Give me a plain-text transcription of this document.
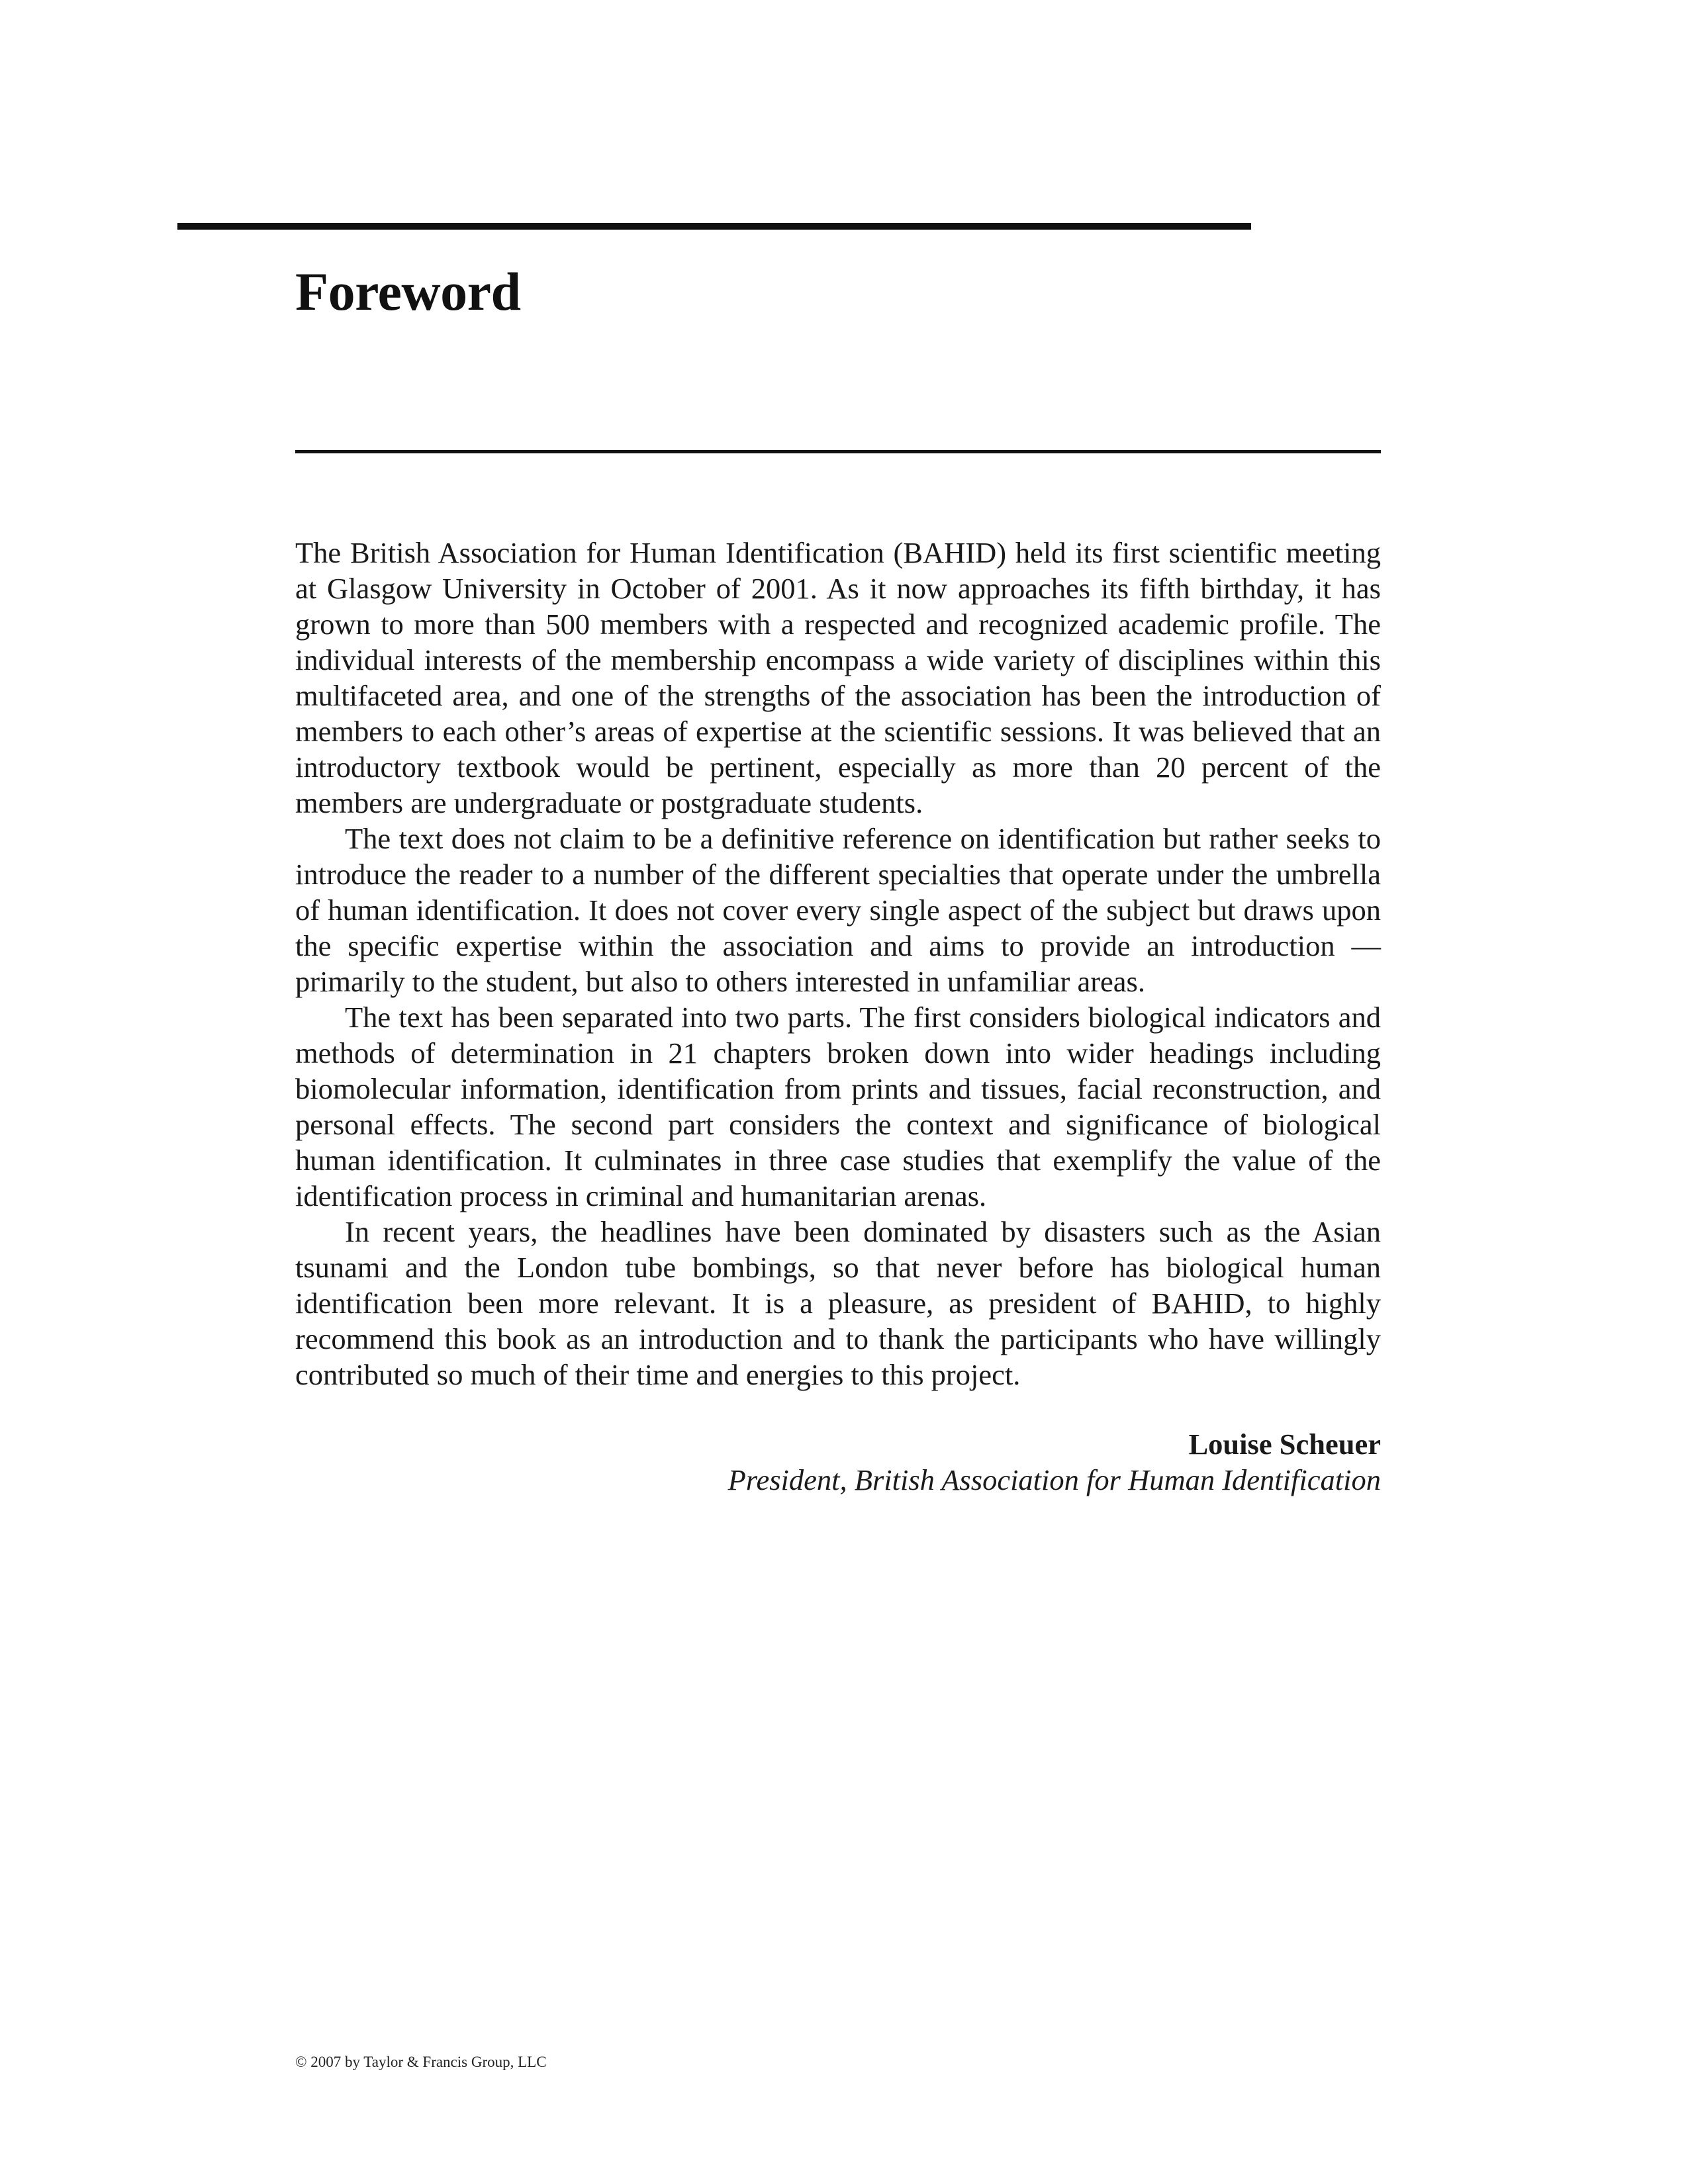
Foreword

The British Association for Human Identification (BAHID) held its first scientific meeting at Glasgow University in October of 2001. As it now approaches its fifth birthday, it has grown to more than 500 members with a respected and recognized academic profile. The individual interests of the membership encompass a wide variety of disciplines within this multifaceted area, and one of the strengths of the association has been the introduction of members to each other’s areas of expertise at the scientific sessions. It was believed that an introductory textbook would be pertinent, especially as more than 20 percent of the members are undergraduate or postgraduate students.

The text does not claim to be a definitive reference on identification but rather seeks to introduce the reader to a number of the different specialties that operate under the umbrella of human identification. It does not cover every single aspect of the subject but draws upon the specific expertise within the association and aims to provide an introduction — primarily to the student, but also to others interested in unfamiliar areas.

The text has been separated into two parts. The first considers biological indicators and methods of determination in 21 chapters broken down into wider headings including biomolecular information, identification from prints and tissues, facial reconstruction, and personal effects. The second part considers the context and significance of biological human identification. It culminates in three case studies that exemplify the value of the identification process in criminal and humanitarian arenas.

In recent years, the headlines have been dominated by disasters such as the Asian tsunami and the London tube bombings, so that never before has biological human identification been more relevant. It is a pleasure, as president of BAHID, to highly recommend this book as an introduction and to thank the participants who have willingly contributed so much of their time and energies to this project.

Louise Scheuer
President, British Association for Human Identification
© 2007 by Taylor & Francis Group, LLC
